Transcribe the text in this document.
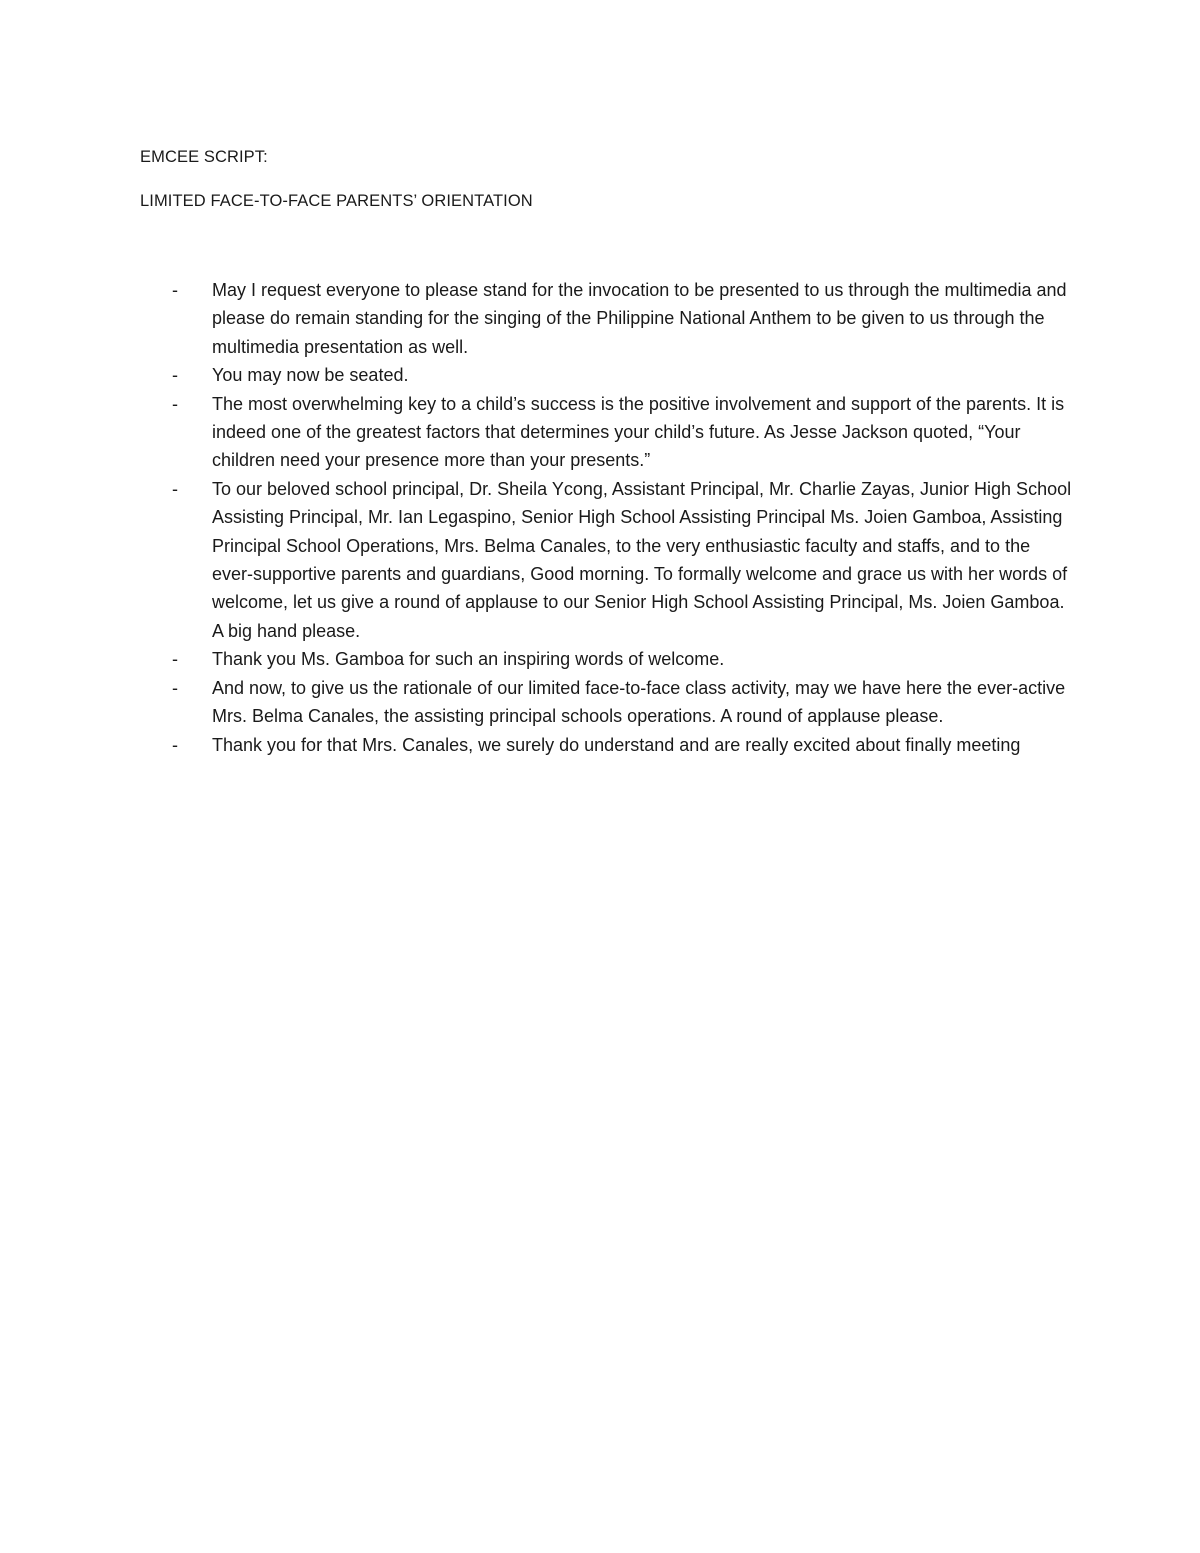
EMCEE SCRIPT:

LIMITED FACE-TO-FACE PARENTS’ ORIENTATION

-	May I request everyone to please stand for the invocation to be presented to us through the multimedia and please do remain standing for the singing of the Philippine National Anthem to be given to us through the multimedia presentation as well.
-	You may now be seated.
-	The most overwhelming key to a child’s success is the positive involvement and support of the parents. It is indeed one of the greatest factors that determines your child’s future. As Jesse Jackson quoted, “Your children need your presence more than your presents.”
-	To our beloved school principal, Dr. Sheila Ycong, Assistant Principal, Mr. Charlie Zayas, Junior High School Assisting Principal, Mr. Ian Legaspino, Senior High School Assisting Principal Ms. Joien Gamboa, Assisting Principal School Operations, Mrs. Belma Canales, to the very enthusiastic faculty and staffs, and to the ever-supportive parents and guardians, Good morning. To formally welcome and grace us with her words of welcome, let us give a round of applause to our Senior High School Assisting Principal, Ms. Joien Gamboa. A big hand please.
-	Thank you Ms. Gamboa for such an inspiring words of welcome.
-	And now, to give us the rationale of our limited face-to-face class activity, may we have here the ever-active Mrs. Belma Canales, the assisting principal schools operations. A round of applause please.
-	Thank you for that Mrs. Canales, we surely do understand and are really excited about finally meeting
